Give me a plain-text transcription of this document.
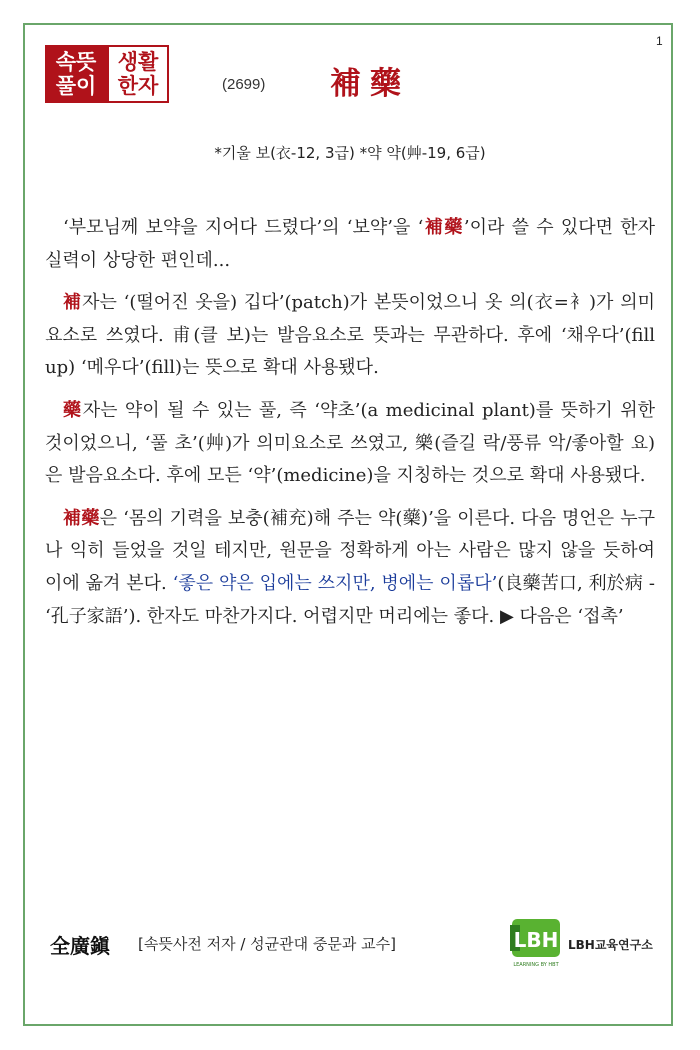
1
속뜻
풀이
생활
한자	(2699) 補藥
*기울 보(衣-12, 3급) *약 약(艸-19, 6급)

‘부모님께 보약을 지어다 드렸다’의 ‘보약’을 ‘補藥’이라 쓸 수 있다면 한자 실력이 상당한 편인데...

補자는 ‘(떨어진 옷을) 깁다’(patch)가 본뜻이었으니 옷 의(衣=衤)가 의미요소로 쓰였다. 甫(클 보)는 발음요소로 뜻과는 무관하다. 후에 ‘채우다’(fill up) ‘메우다’(fill)는 뜻으로 확대 사용됐다.

藥자는 약이 될 수 있는 풀, 즉 ‘약초’(a medicinal plant)를 뜻하기 위한 것이었으니, ‘풀 초’(艸)가 의미요소로 쓰였고, 樂(즐길 락/풍류 악/좋아할 요)은 발음요소다. 후에 모든 ‘약’(medicine)을 지칭하는 것으로 확대 사용됐다.

補藥은 ‘몸의 기력을 보충(補充)해 주는 약(藥)’을 이른다. 다음 명언은 누구나 익히 들었을 것일 테지만, 원문을 정확하게 아는 사람은 많지 않을 듯하여 이에 옮겨 본다. ‘좋은 약은 입에는 쓰지만, 병에는 이롭다’(良藥苦口, 利於病 - ‘孔子家語’). 한자도 마찬가지다. 어렵지만 머리에는 좋다. ▶ 다음은 ‘접촉’

全廣鎭 [속뜻사전 저자 / 성균관대 중문과 교수]	LBH
LEARNING BY HBT
LBH교육연구소
